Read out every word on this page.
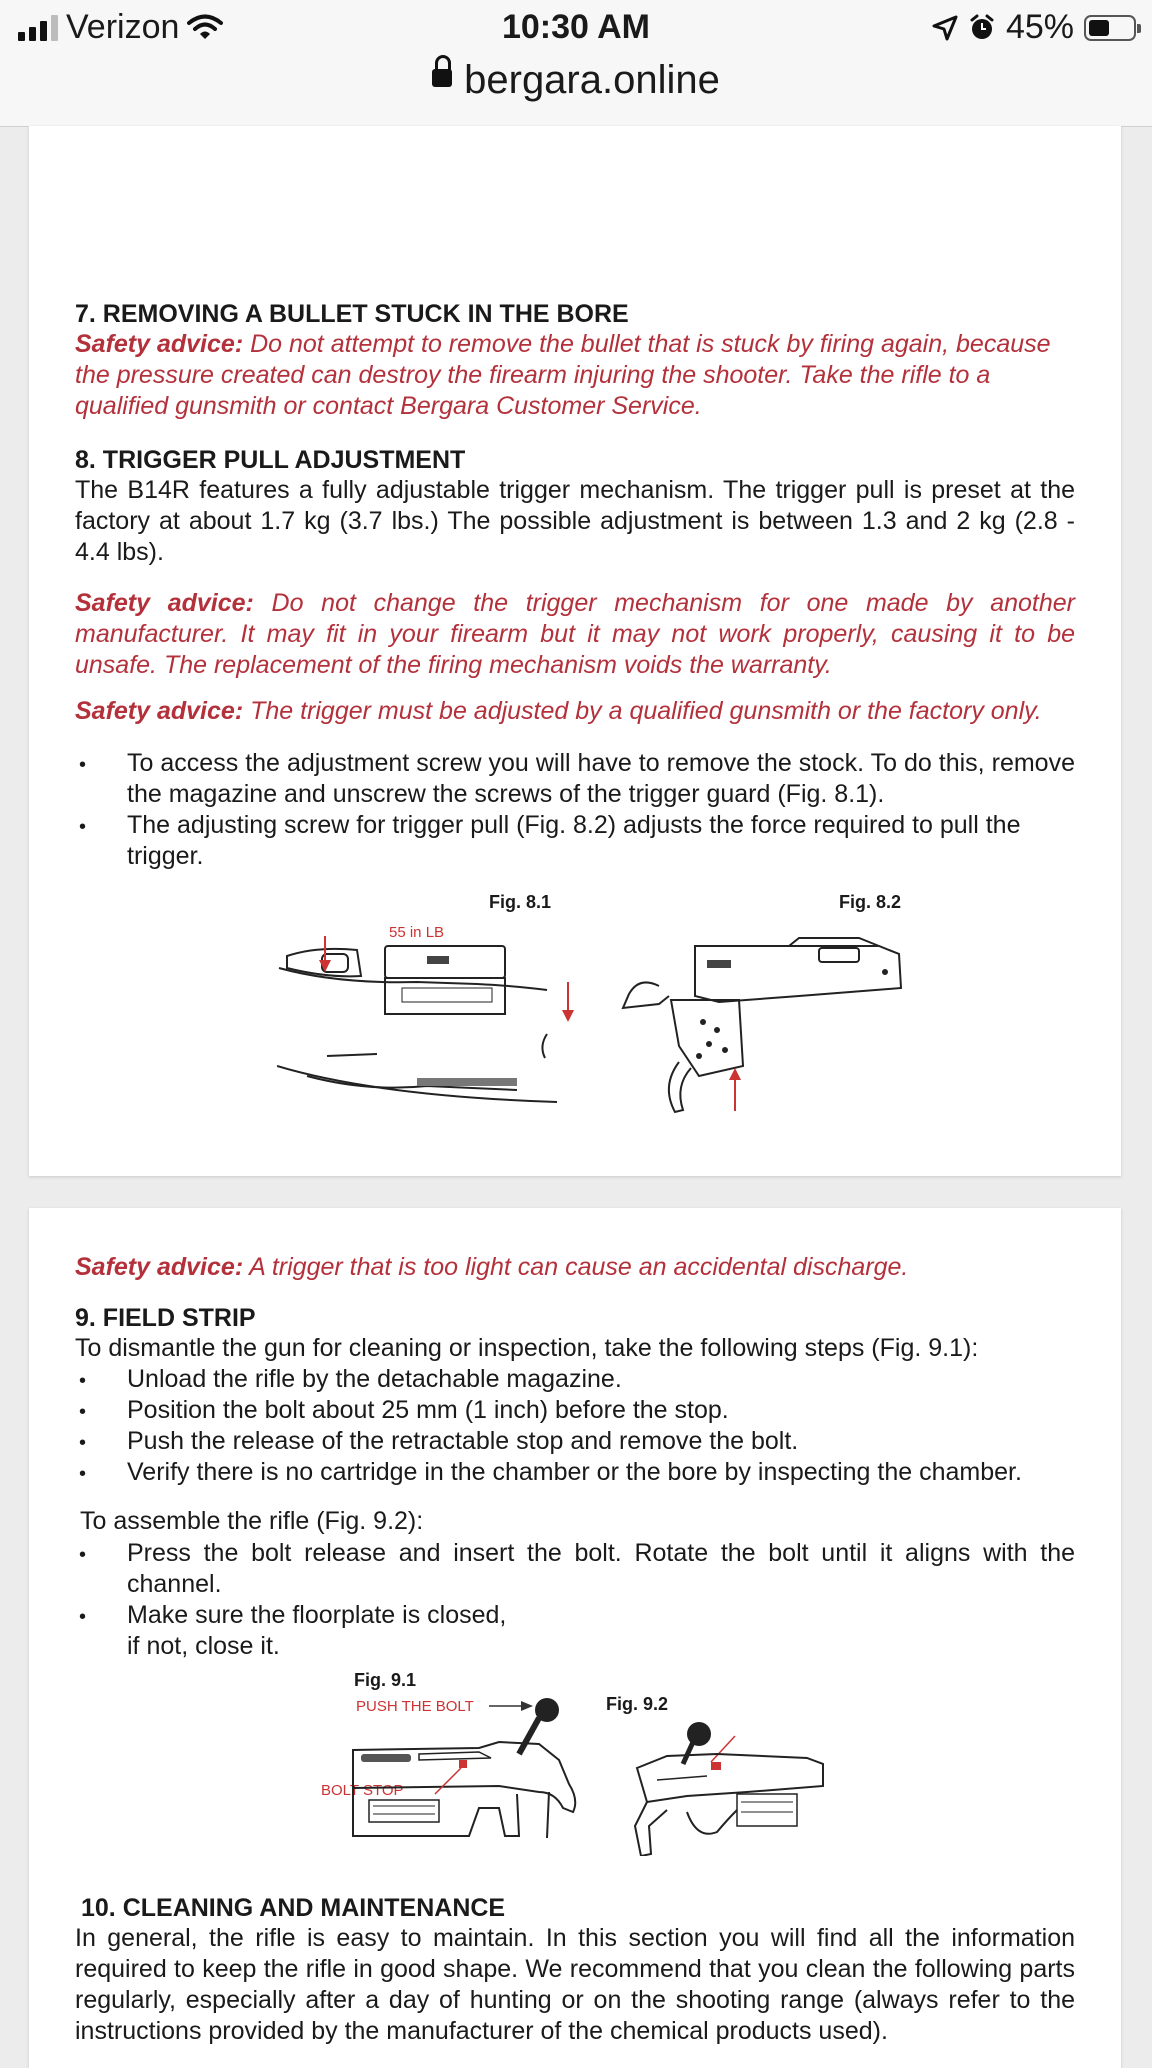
Verizon	10:30 AM	45%
bergara.online
7. REMOVING A BULLET STUCK IN THE BORE

Safety advice: Do not attempt to remove the bullet that is stuck by firing again, because the pressure created can destroy the firearm injuring the shooter. Take the rifle to a qualified gunsmith or contact Bergara Customer Service.

8. TRIGGER PULL ADJUSTMENT

The B14R features a fully adjustable trigger mechanism. The trigger pull is preset at the factory at about 1.7 kg (3.7 lbs.) The possible adjustment is between 1.3 and 2 kg (2.8 - 4.4 lbs).

Safety advice: Do not change the trigger mechanism for one made by another manufacturer. It may fit in your firearm but it may not work properly, causing it to be unsafe. The replacement of the firing mechanism voids the warranty.

Safety advice: The trigger must be adjusted by a qualified gunsmith or the factory only.

• To access the adjustment screw you will have to remove the stock. To do this, remove the magazine and unscrew the screws of the trigger guard (Fig. 8.1).
• The adjusting screw for trigger pull (Fig. 8.2) adjusts the force required to pull the trigger.
Fig. 8.1	Fig. 8.2
55 in LB

Safety advice: A trigger that is too light can cause an accidental discharge.

9. FIELD STRIP

To dismantle the gun for cleaning or inspection, take the following steps (Fig. 9.1):

• Unload the rifle by the detachable magazine.
• Position the bolt about 25 mm (1 inch) before the stop.
• Push the release of the retractable stop and remove the bolt.
• Verify there is no cartridge in the chamber or the bore by inspecting the chamber.

To assemble the rifle (Fig. 9.2):

• Press the bolt release and insert the bolt. Rotate the bolt until it aligns with the channel.
• Make sure the floorplate is closed,
if not, close it.
Fig. 9.1
PUSH THE BOLT
BOLT STOP
Fig. 9.2
10. CLEANING AND MAINTENANCE

In general, the rifle is easy to maintain. In this section you will find all the information required to keep the rifle in good shape. We recommend that you clean the following parts regularly, especially after a day of hunting or on the shooting range (always refer to the instructions provided by the manufacturer of the chemical products used).
